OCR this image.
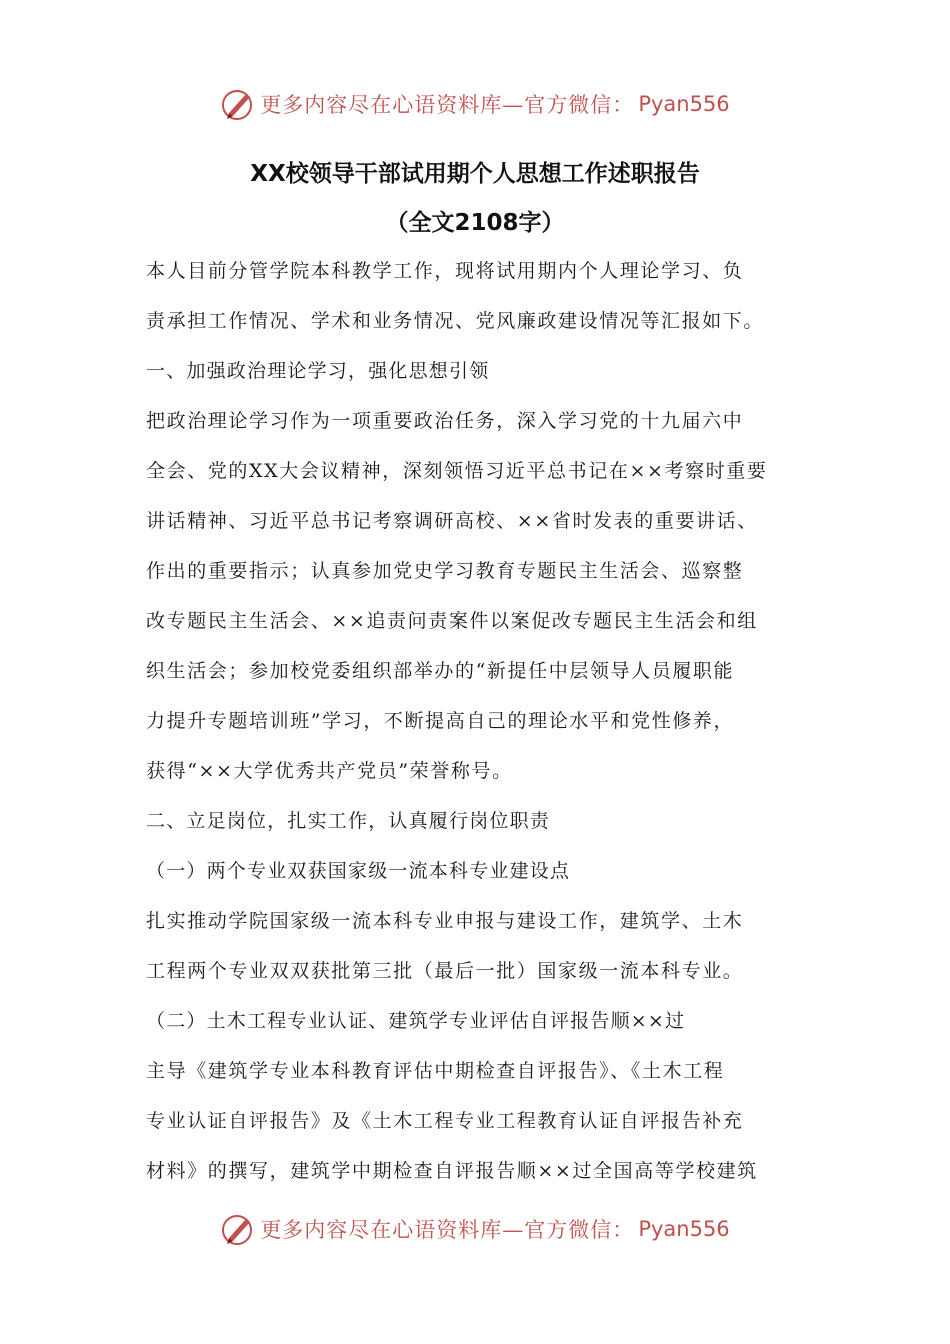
更多内容尽在心语资料库—官方微信： Pyan556
XX校领导干部试用期个人思想工作述职报告
（全文2108字）
本人目前分管学院本科教学工作，现将试用期内个人理论学习、负
责承担工作情况、学术和业务情况、党风廉政建设情况等汇报如下。
一、加强政治理论学习，强化思想引领
把政治理论学习作为一项重要政治任务，深入学习党的十九届六中
全会、党的XX大会议精神，深刻领悟习近平总书记在××考察时重要
讲话精神、习近平总书记考察调研高校、××省时发表的重要讲话、
作出的重要指示；认真参加党史学习教育专题民主生活会、巡察整
改专题民主生活会、××追责问责案件以案促改专题民主生活会和组
织生活会；参加校党委组织部举办的“新提任中层领导人员履职能
力提升专题培训班”学习，不断提高自己的理论水平和党性修养，
获得“××大学优秀共产党员”荣誉称号。
二、立足岗位，扎实工作，认真履行岗位职责
（一）两个专业双获国家级一流本科专业建设点
扎实推动学院国家级一流本科专业申报与建设工作，建筑学、土木
工程两个专业双双获批第三批（最后一批）国家级一流本科专业。
（二）土木工程专业认证、建筑学专业评估自评报告顺××过
主导《建筑学专业本科教育评估中期检查自评报告》、《土木工程
专业认证自评报告》及《土木工程专业工程教育认证自评报告补充
材料》的撰写，建筑学中期检查自评报告顺××过全国高等学校建筑
更多内容尽在心语资料库—官方微信： Pyan556
